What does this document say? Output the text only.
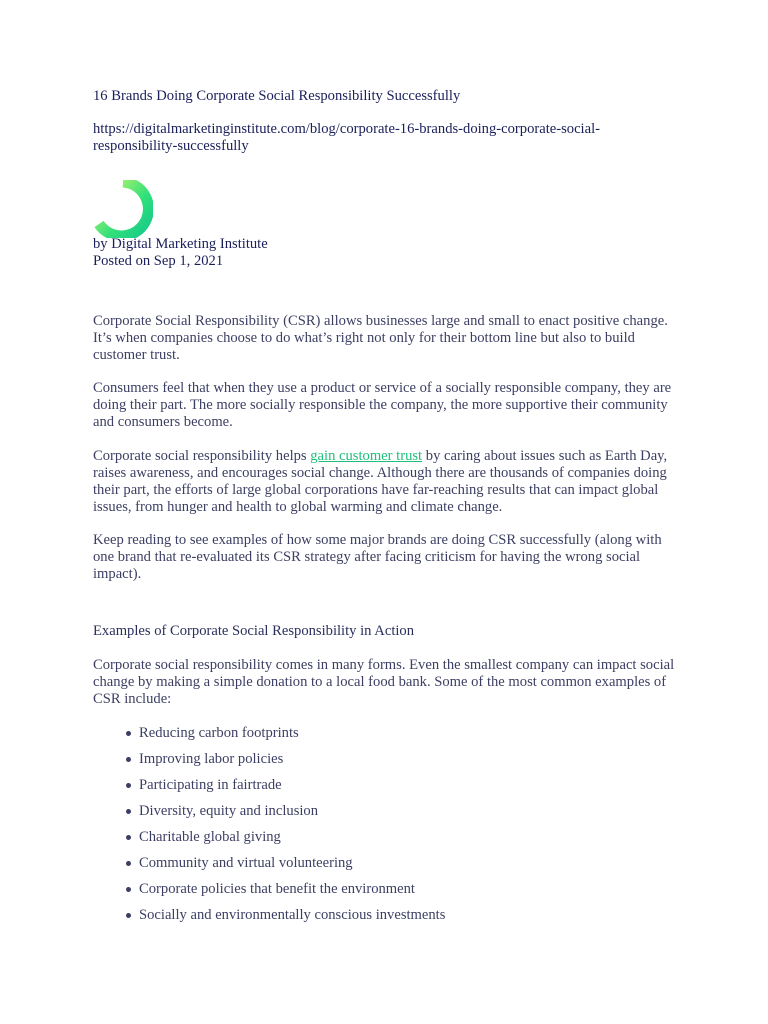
16 Brands Doing Corporate Social Responsibility Successfully

https://digitalmarketinginstitute.com/blog/corporate-16-brands-doing-corporate-social-responsibility-successfully

by Digital Marketing Institute

Posted on Sep 1, 2021

Corporate Social Responsibility (CSR) allows businesses large and small to enact positive change. It’s when companies choose to do what’s right not only for their bottom line but also to build customer trust.

Consumers feel that when they use a product or service of a socially responsible company, they are doing their part. The more socially responsible the company, the more supportive their community and consumers become.

Corporate social responsibility helps gain customer trust by caring about issues such as Earth Day, raises awareness, and encourages social change. Although there are thousands of companies doing their part, the efforts of large global corporations have far-reaching results that can impact global issues, from hunger and health to global warming and climate change.

Keep reading to see examples of how some major brands are doing CSR successfully (along with one brand that re-evaluated its CSR strategy after facing criticism for having the wrong social impact).

Examples of Corporate Social Responsibility in Action

Corporate social responsibility comes in many forms. Even the smallest company can impact social change by making a simple donation to a local food bank. Some of the most common examples of CSR include:

Reducing carbon footprints
Improving labor policies
Participating in fairtrade
Diversity, equity and inclusion
Charitable global giving
Community and virtual volunteering
Corporate policies that benefit the environment
Socially and environmentally conscious investments
